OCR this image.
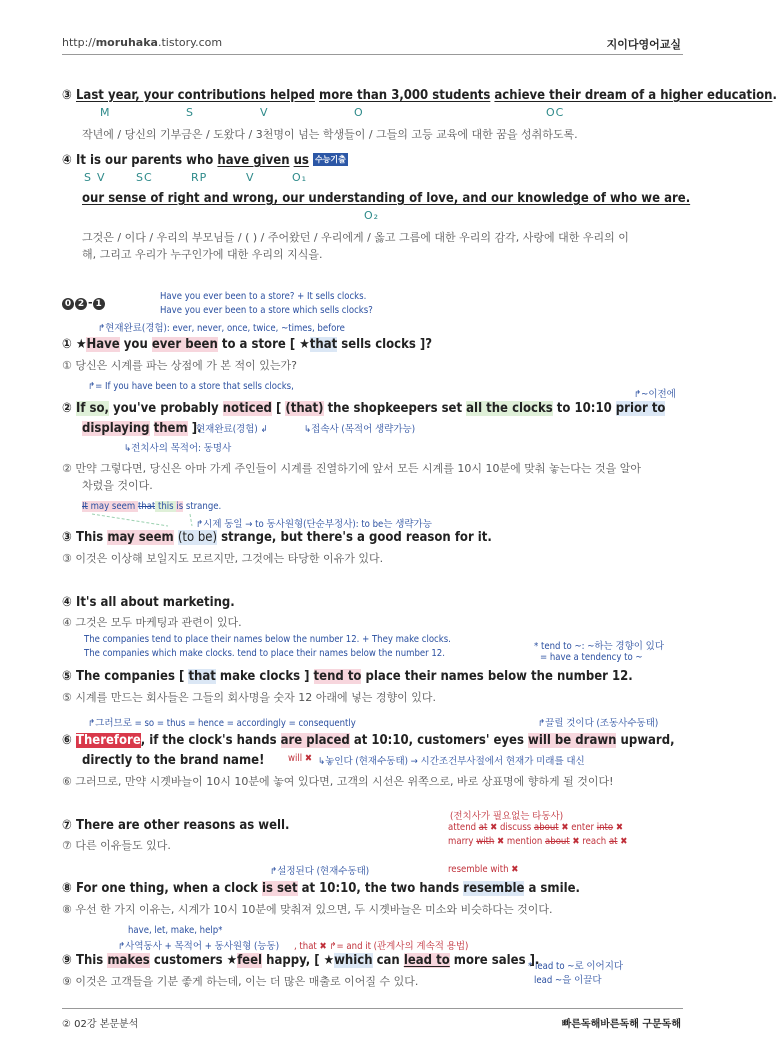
http://moruhaka.tistory.com	지이다영어교실
③ Last year, your contributions helped more than 3,000 students achieve their dream of a higher education.
M	S	V	O	OC
작년에 / 당신의 기부금은 / 도왔다 / 3천명이 넘는 학생들이 / 그들의 고등 교육에 대한 꿈을 성취하도록.
④ It is our parents who have given us 수능기출
S V	SC	RP	V	O₁
our sense of right and wrong, our understanding of love, and our knowledge of who we are.
O₂
그것은 / 이다 / 우리의 부모님들 / ( ) / 주어왔던 / 우리에게 / 옳고 그름에 대한 우리의 감각, 사랑에 대한 우리의 이
해, 그리고 우리가 누구인가에 대한 우리의 지식을.
0 2 - 1
Have you ever been to a store? + It sells clocks.
Have you ever been to a store which sells clocks?
↱현재완료(경험): ever, never, once, twice, ~times, before
① ★Have you ever been to a store [ ★that sells clocks ]?
① 당신은 시계를 파는 상점에 가 본 적이 있는가?
↱= If you have been to a store that sells clocks,
↱~이전에
② If so, you've probably noticed [ (that) the shopkeepers set all the clocks to 10:10 prior to
displaying them ].
현재완료(경험) ↲	↳접속사 (목적어 생략가능)
↳전치사의 목적어: 동명사
② 만약 그렇다면, 당신은 아마 가게 주인들이 시계를 진열하기에 앞서 모든 시계를 10시 10분에 맞춰 놓는다는 것을 알아
차렸을 것이다.
It may seem that this is strange.
↱시제 동일 → to 동사원형(단순부정사): to be는 생략가능
③ This may seem (to be) strange, but there's a good reason for it.
③ 이것은 이상해 보일지도 모르지만, 그것에는 타당한 이유가 있다.
④ It's all about marketing.
④ 그것은 모두 마케팅과 관련이 있다.
The companies tend to place their names below the number 12. + They make clocks.
The companies which make clocks. tend to place their names below the number 12.
* tend to ~: ~하는 경향이 있다
= have a tendency to ~
⑤ The companies [ that make clocks ] tend to place their names below the number 12.
⑤ 시계를 만드는 회사들은 그들의 회사명을 숫자 12 아래에 넣는 경향이 있다.
↱그러므로 = so = thus = hence = accordingly = consequently	↱끌릴 것이다 (조동사수동태)
⑥ Therefore, if the clock's hands are placed at 10:10, customers' eyes will be drawn upward,
directly to the brand name! will ✖ ↳놓인다 (현재수동태) → 시간조건부사절에서 현재가 미래를 대신
⑥ 그러므로, 만약 시곗바늘이 10시 10분에 놓여 있다면, 고객의 시선은 위쪽으로, 바로 상표명에 향하게 될 것이다!
(전치사가 필요없는 타동사)
attend at ✖ discuss about ✖ enter into ✖
marry with ✖ mention about ✖ reach at ✖
⑦ There are other reasons as well.
⑦ 다른 이유들도 있다.
↱설정된다 (현재수동태)	resemble with ✖
⑧ For one thing, when a clock is set at 10:10, the two hands resemble a smile.
⑧ 우선 한 가지 이유는, 시계가 10시 10분에 맞춰져 있으면, 두 시곗바늘은 미소와 비슷하다는 것이다.
have, let, make, help*
↱사역동사 + 목적어 + 동사원형 (능동) , that ✖ ↱= and it (관계사의 계속적 용법)
* lead to ~로 이어지다
lead ~을 이끌다
⑨ This makes customers ★feel happy, [ ★which can lead to more sales ].
⑨ 이것은 고객들을 기분 좋게 하는데, 이는 더 많은 매출로 이어질 수 있다.
② 02강 본문분석	빠른독해바른독해 구문독해
